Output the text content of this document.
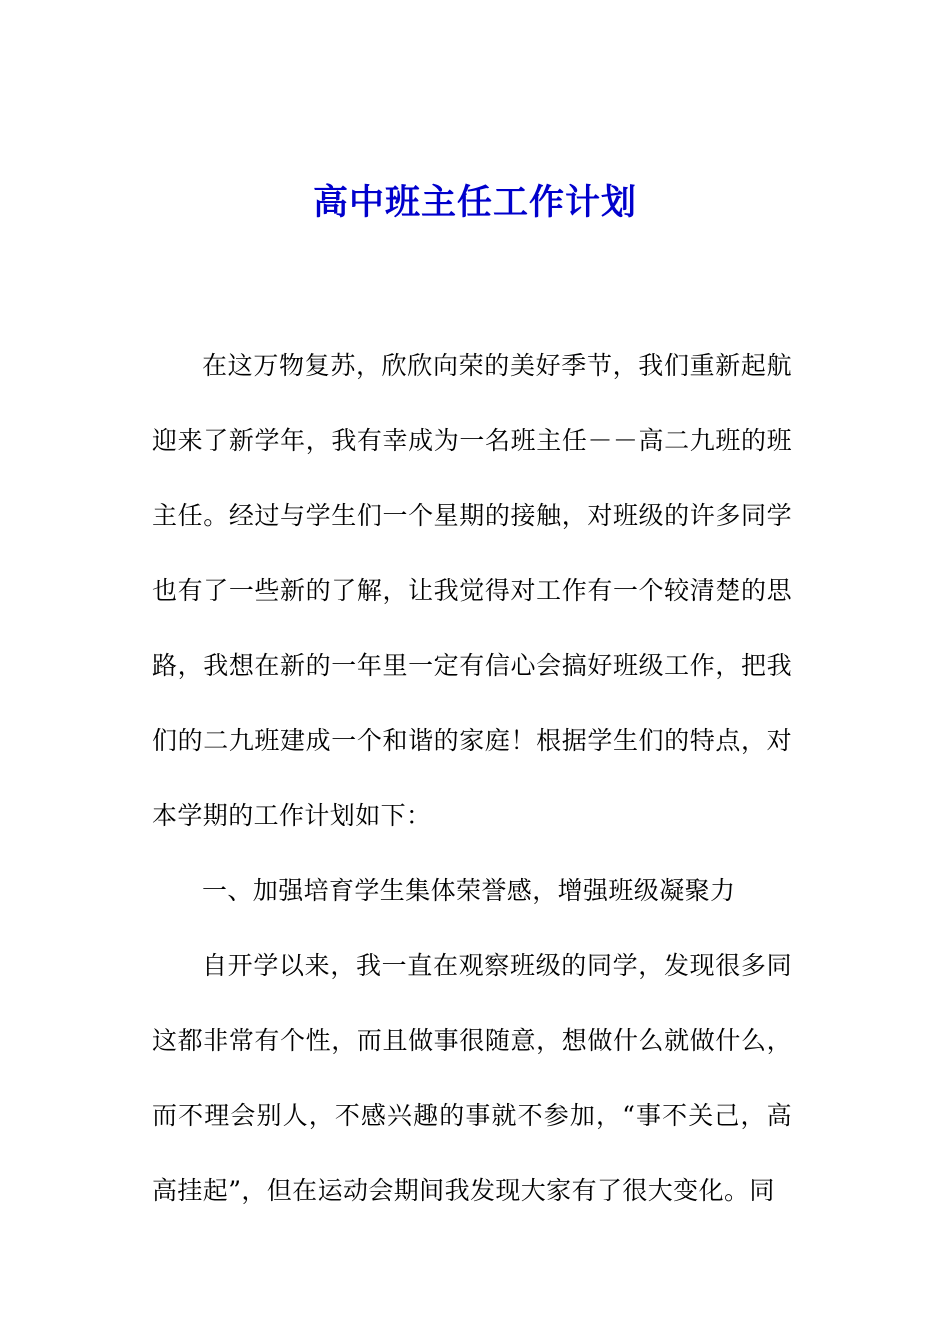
高中班主任工作计划

在这万物复苏，欣欣向荣的美好季节，我们重新起航迎来了新学年，我有幸成为一名班主任－－高二九班的班主任。经过与学生们一个星期的接触，对班级的许多同学也有了一些新的了解，让我觉得对工作有一个较清楚的思路，我想在新的一年里一定有信心会搞好班级工作，把我们的二九班建成一个和谐的家庭！根据学生们的特点，对本学期的工作计划如下：

一、加强培育学生集体荣誉感，增强班级凝聚力

自开学以来，我一直在观察班级的同学，发现很多同这都非常有个性，而且做事很随意，想做什么就做什么，而不理会别人，不感兴趣的事就不参加，“事不关己，高高挂起”，但在运动会期间我发现大家有了很大变化。同
